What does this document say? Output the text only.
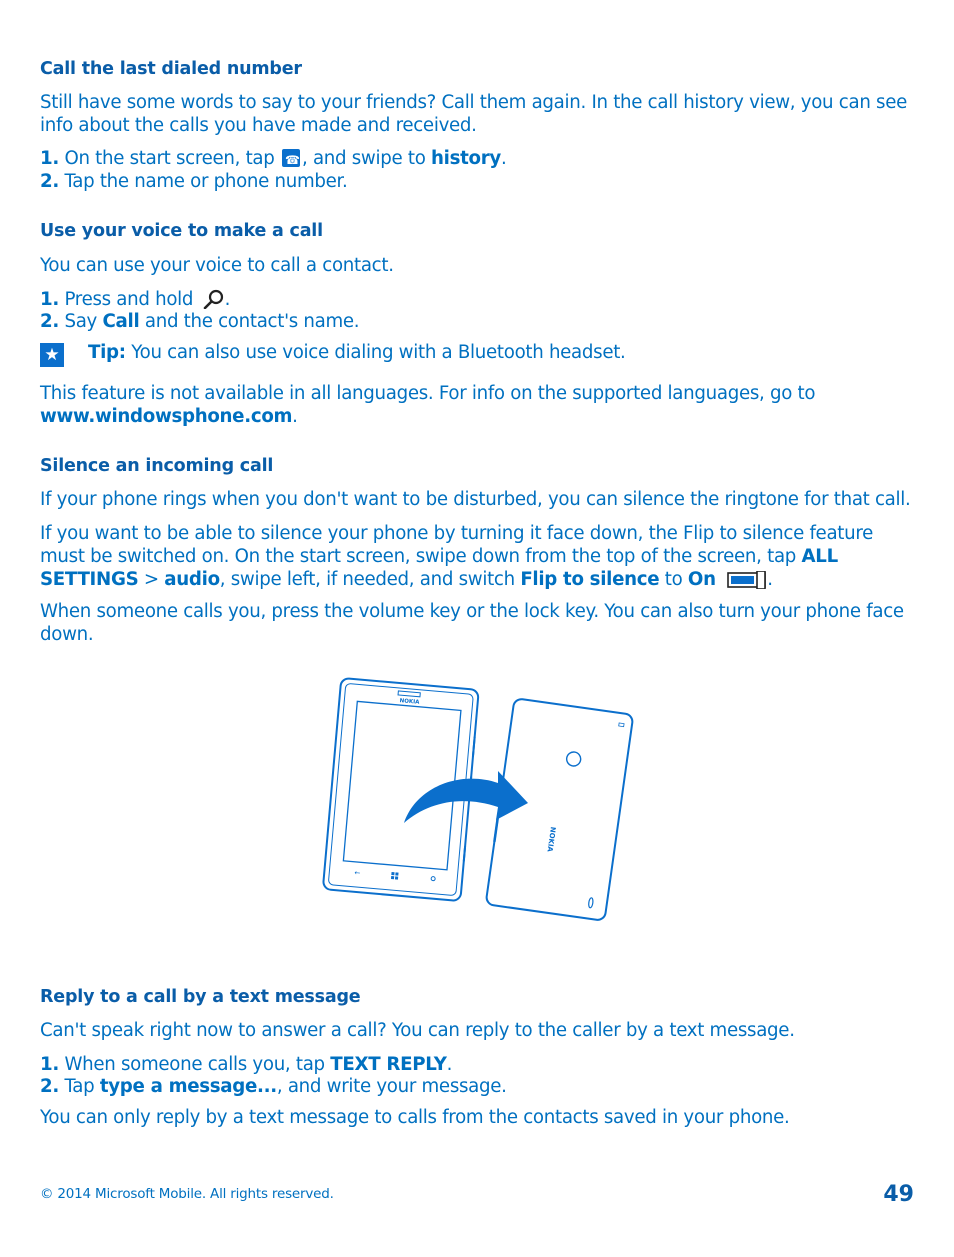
Call the last dialed number

Still have some words to say to your friends? Call them again. In the call history view, you can see info about the calls you have made and received.

1. On the start screen, tap ☎ , and swipe to history.
2. Tap the name or phone number.
Use your voice to make a call

You can use your voice to call a contact.

1. Press and hold .
2. Say Call and the contact's name.
★ Tip: You can also use voice dialing with a Bluetooth headset.

This feature is not available in all languages. For info on the supported languages, go to
www.windowsphone.com.

Silence an incoming call

If your phone rings when you don't want to be disturbed, you can silence the ringtone for that call.

If you want to be able to silence your phone by turning it face down, the Flip to silence feature must be switched on. On the start screen, swipe down from the top of the screen, tap ALL SETTINGS > audio, swipe left, if needed, and switch Flip to silence to On	.

When someone calls you, press the volume key or the lock key. You can also turn your phone face down.

Reply to a call by a text message

Can't speak right now to answer a call? You can reply to the caller by a text message.

1. When someone calls you, tap TEXT REPLY.
2. Tap type a message..., and write your message.

You can only reply by a text message to calls from the contacts saved in your phone.

NOKIA
←
NOKIA
© 2014 Microsoft Mobile. All rights reserved.	49
